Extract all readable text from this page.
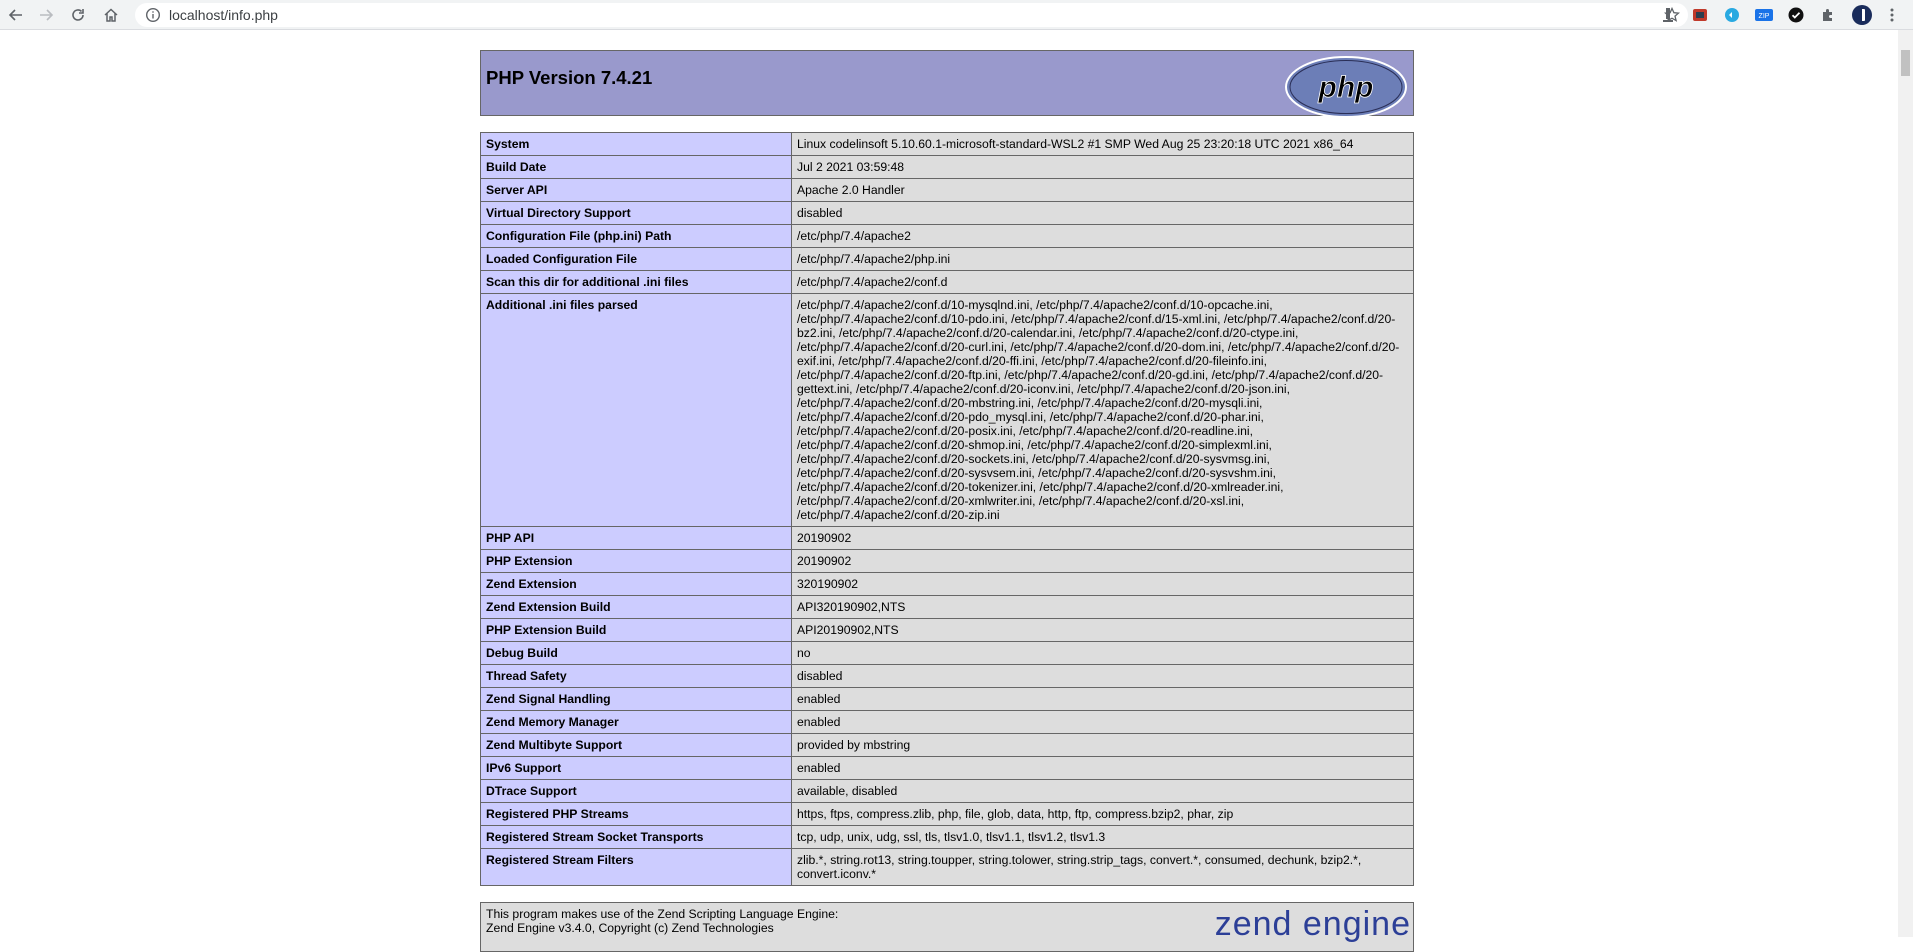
localhost/info.php	ZIP
PHP Version 7.4.21	php
System	Linux codelinsoft 5.10.60.1-microsoft-standard-WSL2 #1 SMP Wed Aug 25 23:20:18 UTC 2021 x86_64
Build Date	Jul 2 2021 03:59:48
Server API	Apache 2.0 Handler
Virtual Directory Support	disabled
Configuration File (php.ini) Path	/etc/php/7.4/apache2
Loaded Configuration File	/etc/php/7.4/apache2/php.ini
Scan this dir for additional .ini files	/etc/php/7.4/apache2/conf.d
Additional .ini files parsed	/etc/php/7.4/apache2/conf.d/10-mysqlnd.ini, /etc/php/7.4/apache2/conf.d/10-opcache.ini, /etc/php/7.4/apache2/conf.d/10-pdo.ini, /etc/php/7.4/apache2/conf.d/15-xml.ini, /etc/php/7.4/apache2/conf.d/20-bz2.ini, /etc/php/7.4/apache2/conf.d/20-calendar.ini, /etc/php/7.4/apache2/conf.d/20-ctype.ini, /etc/php/7.4/apache2/conf.d/20-curl.ini, /etc/php/7.4/apache2/conf.d/20-dom.ini, /etc/php/7.4/apache2/conf.d/20-exif.ini, /etc/php/7.4/apache2/conf.d/20-ffi.ini, /etc/php/7.4/apache2/conf.d/20-fileinfo.ini, /etc/php/7.4/apache2/conf.d/20-ftp.ini, /etc/php/7.4/apache2/conf.d/20-gd.ini, /etc/php/7.4/apache2/conf.d/20-gettext.ini, /etc/php/7.4/apache2/conf.d/20-iconv.ini, /etc/php/7.4/apache2/conf.d/20-json.ini, /etc/php/7.4/apache2/conf.d/20-mbstring.ini, /etc/php/7.4/apache2/conf.d/20-mysqli.ini, /etc/php/7.4/apache2/conf.d/20-pdo_mysql.ini, /etc/php/7.4/apache2/conf.d/20-phar.ini, /etc/php/7.4/apache2/conf.d/20-posix.ini, /etc/php/7.4/apache2/conf.d/20-readline.ini, /etc/php/7.4/apache2/conf.d/20-shmop.ini, /etc/php/7.4/apache2/conf.d/20-simplexml.ini, /etc/php/7.4/apache2/conf.d/20-sockets.ini, /etc/php/7.4/apache2/conf.d/20-sysvmsg.ini, /etc/php/7.4/apache2/conf.d/20-sysvsem.ini, /etc/php/7.4/apache2/conf.d/20-sysvshm.ini, /etc/php/7.4/apache2/conf.d/20-tokenizer.ini, /etc/php/7.4/apache2/conf.d/20-xmlreader.ini, /etc/php/7.4/apache2/conf.d/20-xmlwriter.ini, /etc/php/7.4/apache2/conf.d/20-xsl.ini, /etc/php/7.4/apache2/conf.d/20-zip.ini
PHP API	20190902
PHP Extension	20190902
Zend Extension	320190902
Zend Extension Build	API320190902,NTS
PHP Extension Build	API20190902,NTS
Debug Build	no
Thread Safety	disabled
Zend Signal Handling	enabled
Zend Memory Manager	enabled
Zend Multibyte Support	provided by mbstring
IPv6 Support	enabled
DTrace Support	available, disabled
Registered PHP Streams	https, ftps, compress.zlib, php, file, glob, data, http, ftp, compress.bzip2, phar, zip
Registered Stream Socket Transports	tcp, udp, unix, udg, ssl, tls, tlsv1.0, tlsv1.1, tlsv1.2, tlsv1.3
Registered Stream Filters	zlib.*, string.rot13, string.toupper, string.tolower, string.strip_tags, convert.*, consumed, dechunk, bzip2.*, convert.iconv.*
This program makes use of the Zend Scripting Language Engine:
Zend Engine v3.4.0, Copyright (c) Zend Technologies	zend engine
